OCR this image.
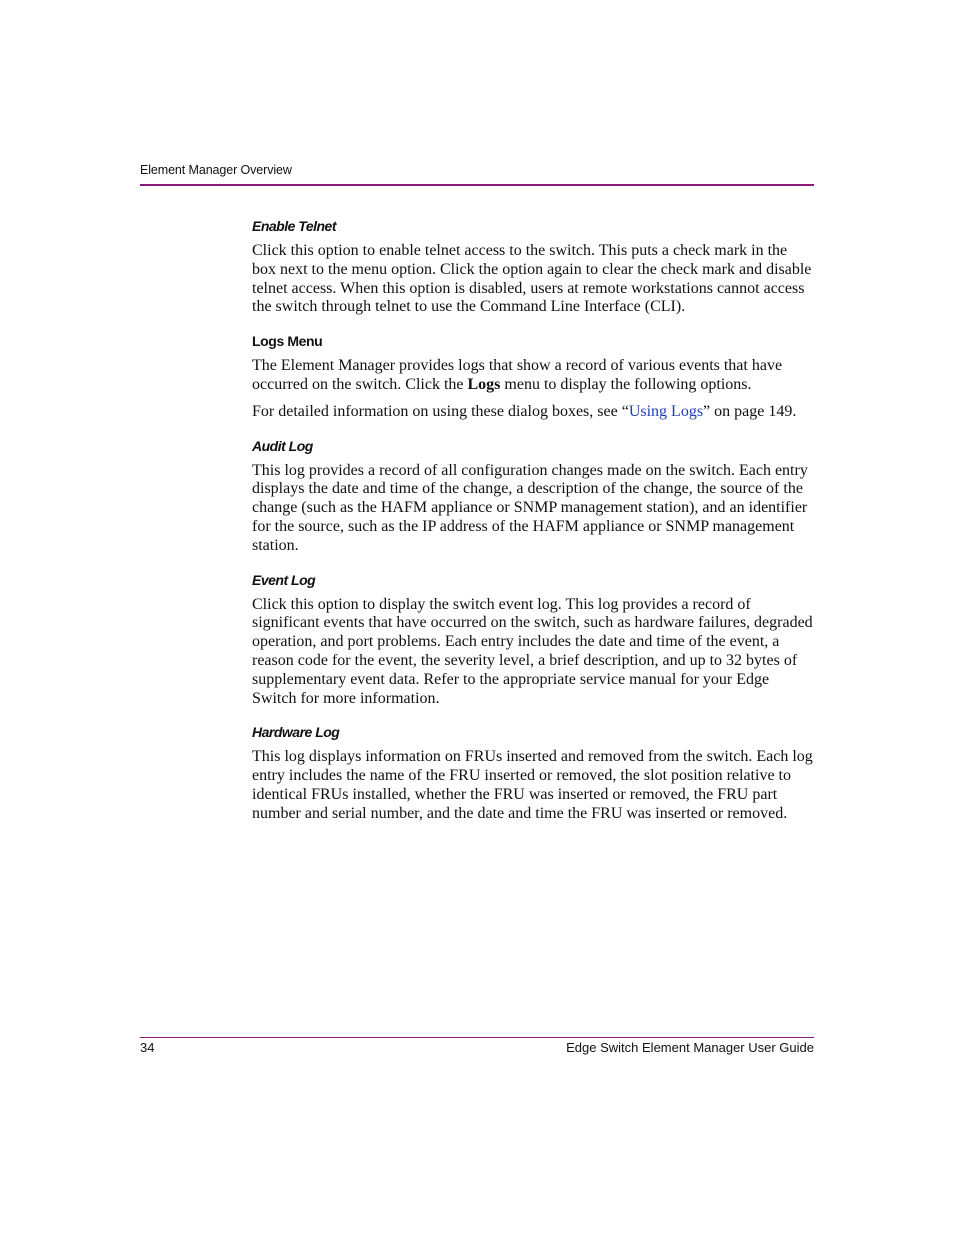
Element Manager Overview
Enable Telnet

Click this option to enable telnet access to the switch. This puts a check mark in the box next to the menu option. Click the option again to clear the check mark and disable telnet access. When this option is disabled, users at remote workstations cannot access the switch through telnet to use the Command Line Interface (CLI).

Logs Menu

The Element Manager provides logs that show a record of various events that have occurred on the switch. Click the Logs menu to display the following options.

For detailed information on using these dialog boxes, see “Using Logs” on page 149.

Audit Log

This log provides a record of all configuration changes made on the switch. Each entry displays the date and time of the change, a description of the change, the source of the change (such as the HAFM appliance or SNMP management station), and an identifier for the source, such as the IP address of the HAFM appliance or SNMP management station.

Event Log

Click this option to display the switch event log. This log provides a record of significant events that have occurred on the switch, such as hardware failures, degraded operation, and port problems. Each entry includes the date and time of the event, a reason code for the event, the severity level, a brief description, and up to 32 bytes of supplementary event data. Refer to the appropriate service manual for your Edge Switch for more information.

Hardware Log

This log displays information on FRUs inserted and removed from the switch. Each log entry includes the name of the FRU inserted or removed, the slot position relative to identical FRUs installed, whether the FRU was inserted or removed, the FRU part number and serial number, and the date and time the FRU was inserted or removed.

34	Edge Switch Element Manager User Guide
